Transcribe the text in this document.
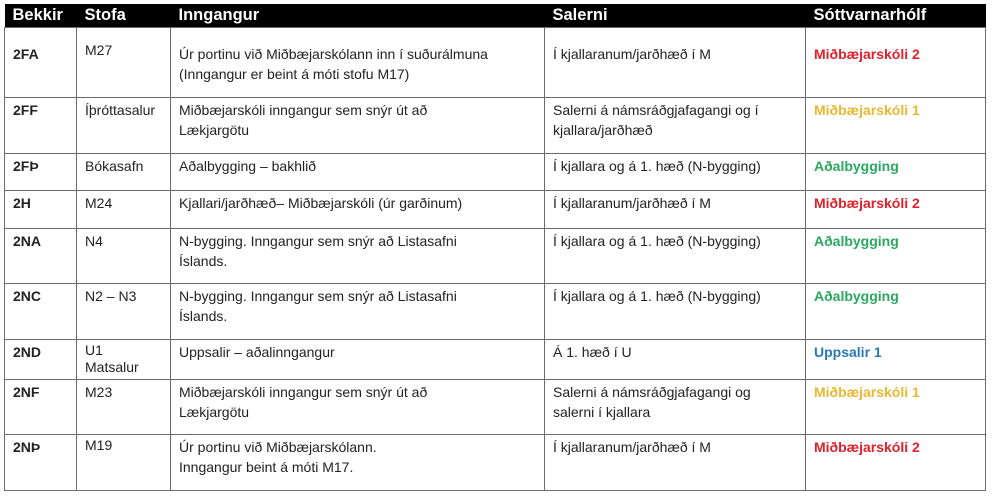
Bekkir	Stofa	Inngangur	Salerni	Sóttvarnarhólf
2FA	M27	Úr portinu við Miðbæjarskólann inn í suðurálmuna
(Inngangur er beint á móti stofu M17)	Í kjallaranum/jarðhæð í M	Miðbæjarskóli 2
2FF	Íþróttasalur	Miðbæjarskóli inngangur sem snýr út að
Lækjargötu	Salerni á námsráðgjafagangi og í
kjallara/jarðhæð	Miðbæjarskóli 1
2FÞ	Bókasafn	Aðalbygging – bakhlið	Í kjallara og á 1. hæð (N-bygging)	Aðalbygging
2H	M24	Kjallari/jarðhæð– Miðbæjarskóli (úr garðinum)	Í kjallaranum/jarðhæð í M	Miðbæjarskóli 2
2NA	N4	N-bygging. Inngangur sem snýr að Listasafni
Íslands.	Í kjallara og á 1. hæð (N-bygging)	Aðalbygging
2NC	N2 – N3	N-bygging. Inngangur sem snýr að Listasafni
Íslands.	Í kjallara og á 1. hæð (N-bygging)	Aðalbygging
2ND	U1
Matsalur	Uppsalir – aðalinngangur	Á 1. hæð í U	Uppsalir 1
2NF	M23	Miðbæjarskóli inngangur sem snýr út að
Lækjargötu	Salerni á námsráðgjafagangi og
salerni í kjallara	Miðbæjarskóli 1
2NÞ	M19	Úr portinu við Miðbæjarskólann.
Inngangur beint á móti M17.	Í kjallaranum/jarðhæð í M	Miðbæjarskóli 2
